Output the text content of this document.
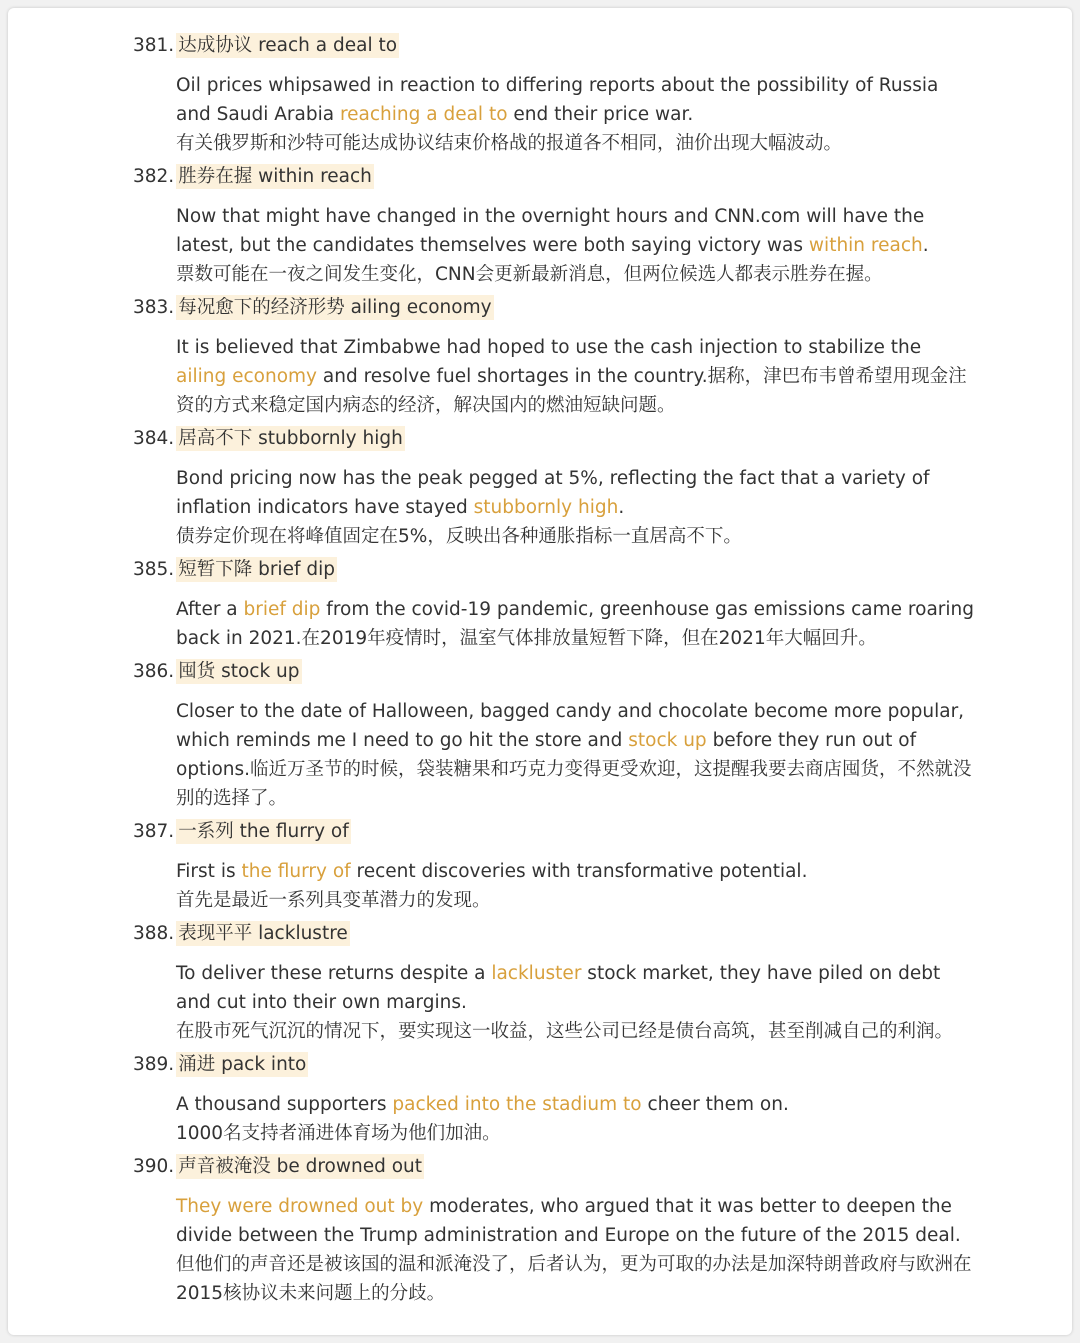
381. 达成协议 reach a deal to
Oil prices whipsawed in reaction to differing reports about the possibility of Russia and Saudi Arabia reaching a deal to end their price war.
有关俄罗斯和沙特可能达成协议结束价格战的报道各不相同，油价出现大幅波动。
382. 胜券在握 within reach
Now that might have changed in the overnight hours and CNN.com will have the latest, but the candidates themselves were both saying victory was within reach.
票数可能在一夜之间发生变化，CNN会更新最新消息，但两位候选人都表示胜券在握。
383. 每况愈下的经济形势 ailing economy
It is believed that Zimbabwe had hoped to use the cash injection to stabilize the ailing economy and resolve fuel shortages in the country.据称，津巴布韦曾希望用现金注资的方式来稳定国内病态的经济，解决国内的燃油短缺问题。
384. 居高不下 stubbornly high
Bond pricing now has the peak pegged at 5%, reflecting the fact that a variety of inflation indicators have stayed stubbornly high.
债券定价现在将峰值固定在5%，反映出各种通胀指标一直居高不下。
385. 短暂下降 brief dip
After a brief dip from the covid-19 pandemic, greenhouse gas emissions came roaring back in 2021.在2019年疫情时，温室气体排放量短暂下降，但在2021年大幅回升。
386. 囤货 stock up
Closer to the date of Halloween, bagged candy and chocolate become more popular, which reminds me I need to go hit the store and stock up before they run out of options.临近万圣节的时候，袋装糖果和巧克力变得更受欢迎，这提醒我要去商店囤货，不然就没别的选择了。
387. 一系列 the flurry of
First is the flurry of recent discoveries with transformative potential.
首先是最近一系列具变革潜力的发现。
388. 表现平平 lacklustre
To deliver these returns despite a lackluster stock market, they have piled on debt and cut into their own margins.
在股市死气沉沉的情况下，要实现这一收益，这些公司已经是债台高筑，甚至削减自己的利润。
389. 涌进 pack into
A thousand supporters packed into the stadium to cheer them on.
1000名支持者涌进体育场为他们加油。
390. 声音被淹没 be drowned out
They were drowned out by moderates, who argued that it was better to deepen the divide between the Trump administration and Europe on the future of the 2015 deal.但他们的声音还是被该国的温和派淹没了，后者认为，更为可取的办法是加深特朗普政府与欧洲在2015核协议未来问题上的分歧。
